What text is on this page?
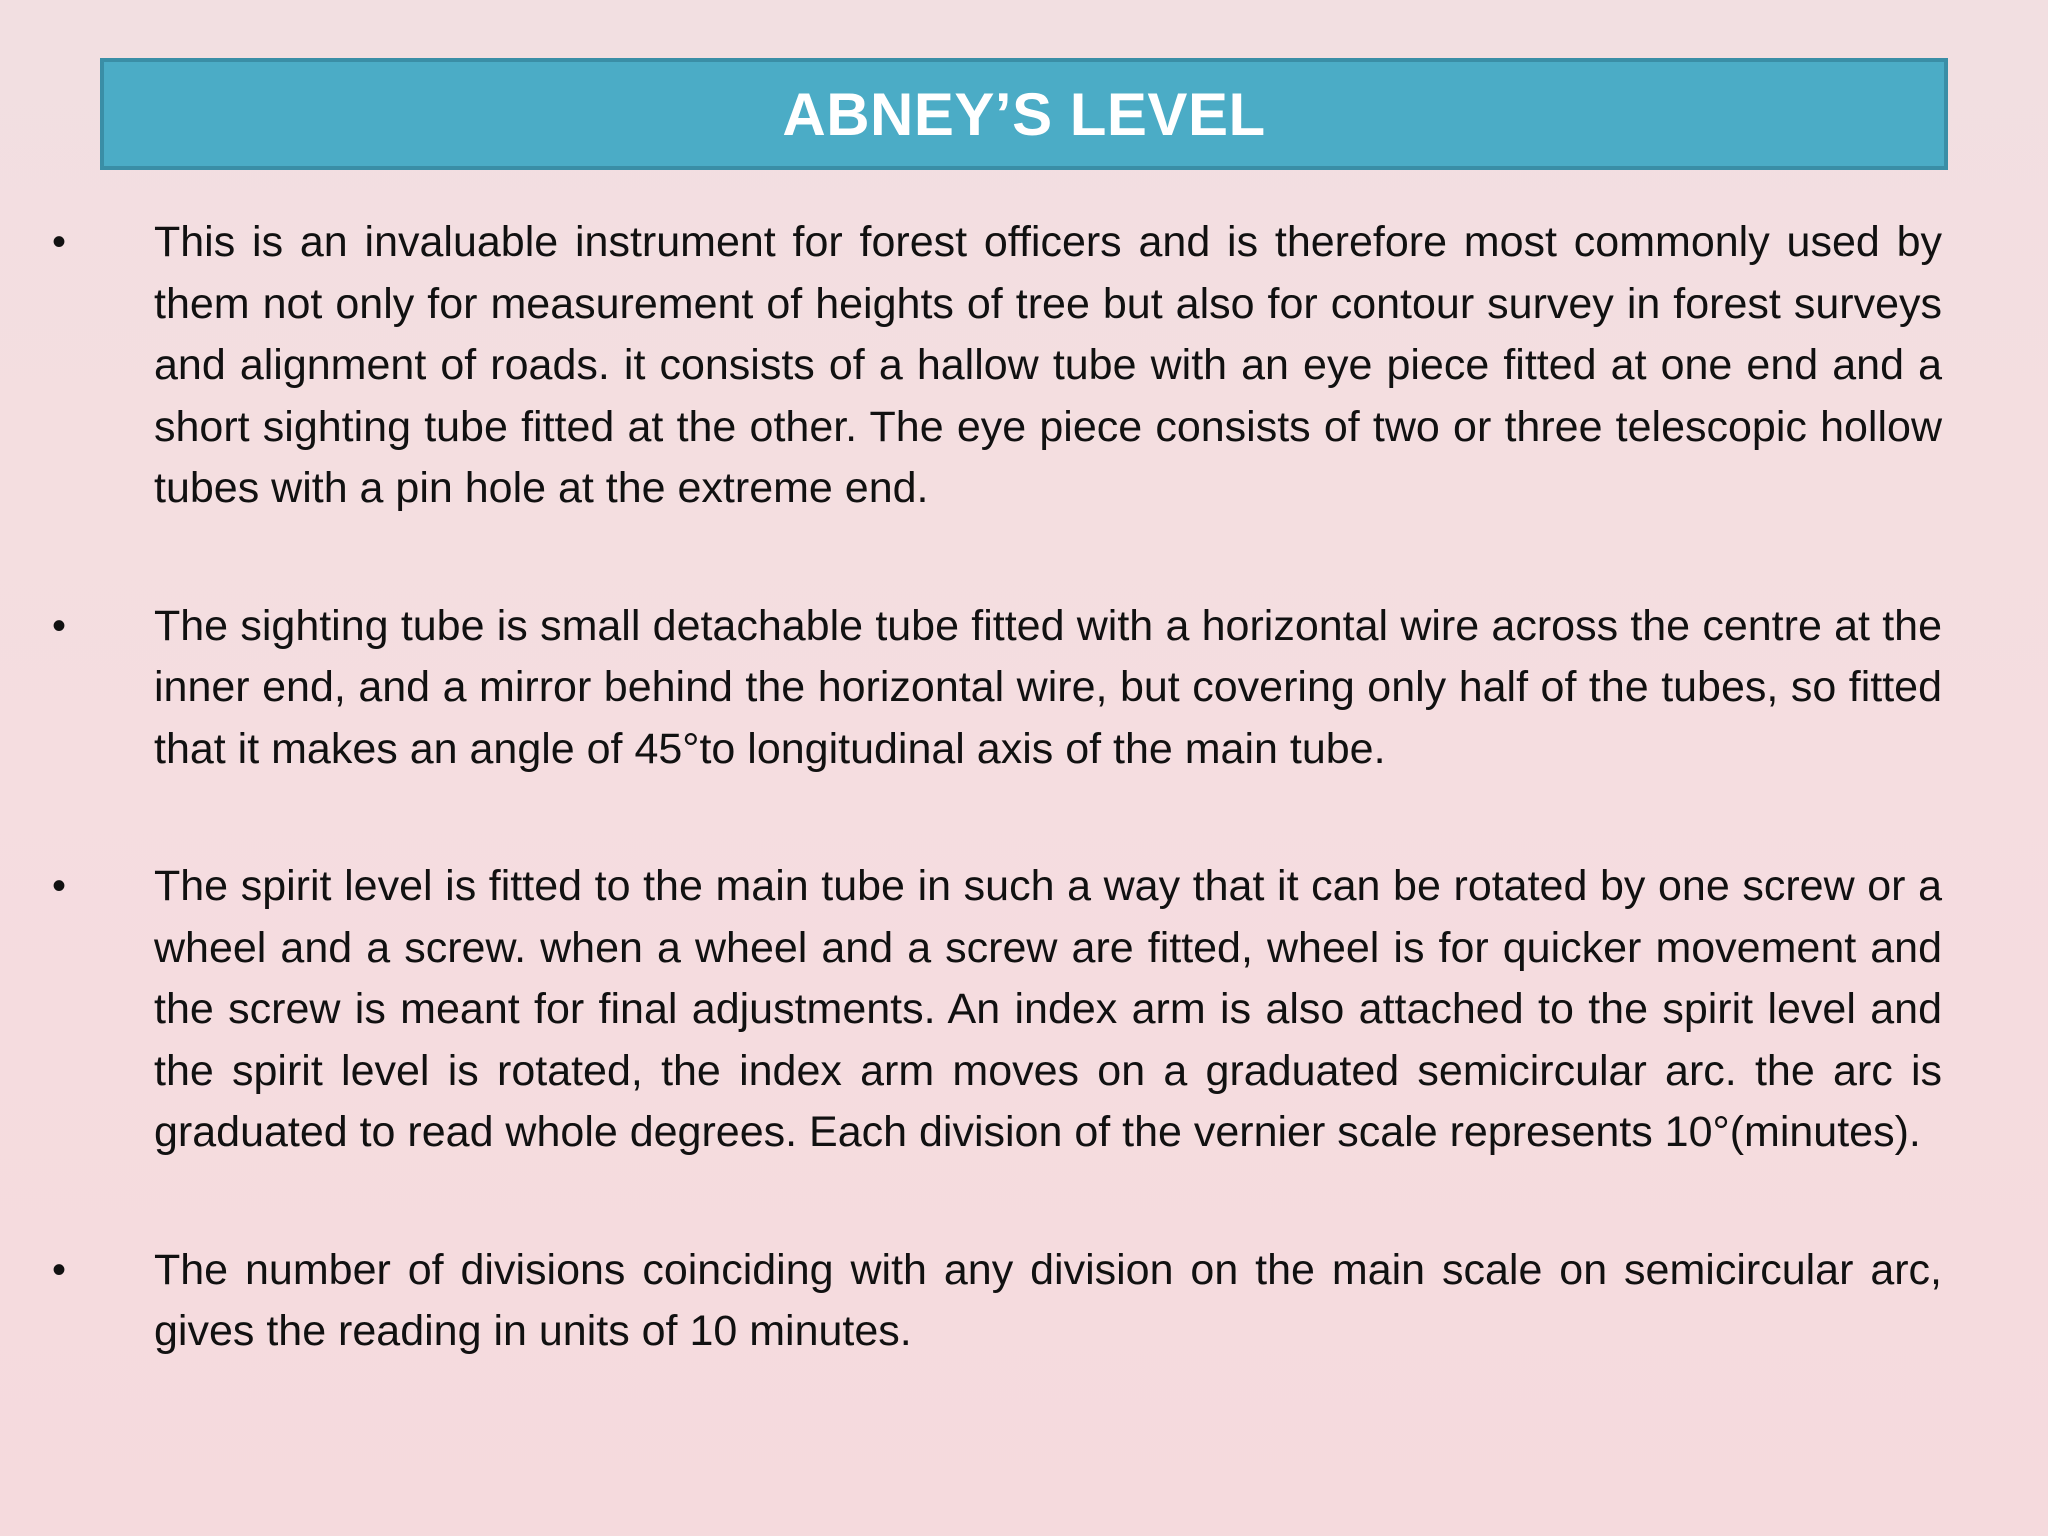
ABNEY’S LEVEL
•	This is an invaluable instrument for forest officers and is therefore most commonly used by them not only for measurement of heights of tree but also for contour survey in forest surveys and alignment of roads. it consists of a hallow tube with an eye piece fitted at one end and a short sighting tube fitted at the other. The eye piece consists of two or three telescopic hollow tubes with a pin hole at the extreme end.
•	The sighting tube is small detachable tube fitted with a horizontal wire across the centre at the inner end, and a mirror behind the horizontal wire, but covering only half of the tubes, so fitted that it makes an angle of 45°to longitudinal axis of the main tube.
•	The spirit level is fitted to the main tube in such a way that it can be rotated by one screw or a wheel and a screw. when a wheel and a screw are fitted, wheel is for quicker movement and the screw is meant for final adjustments. An index arm is also attached to the spirit level and the spirit level is rotated, the index arm moves on a graduated semicircular arc. the arc is graduated to read whole degrees. Each division of the vernier scale represents 10°(minutes).
•	The number of divisions coinciding with any division on the main scale on semicircular arc, gives the reading in units of 10 minutes.
